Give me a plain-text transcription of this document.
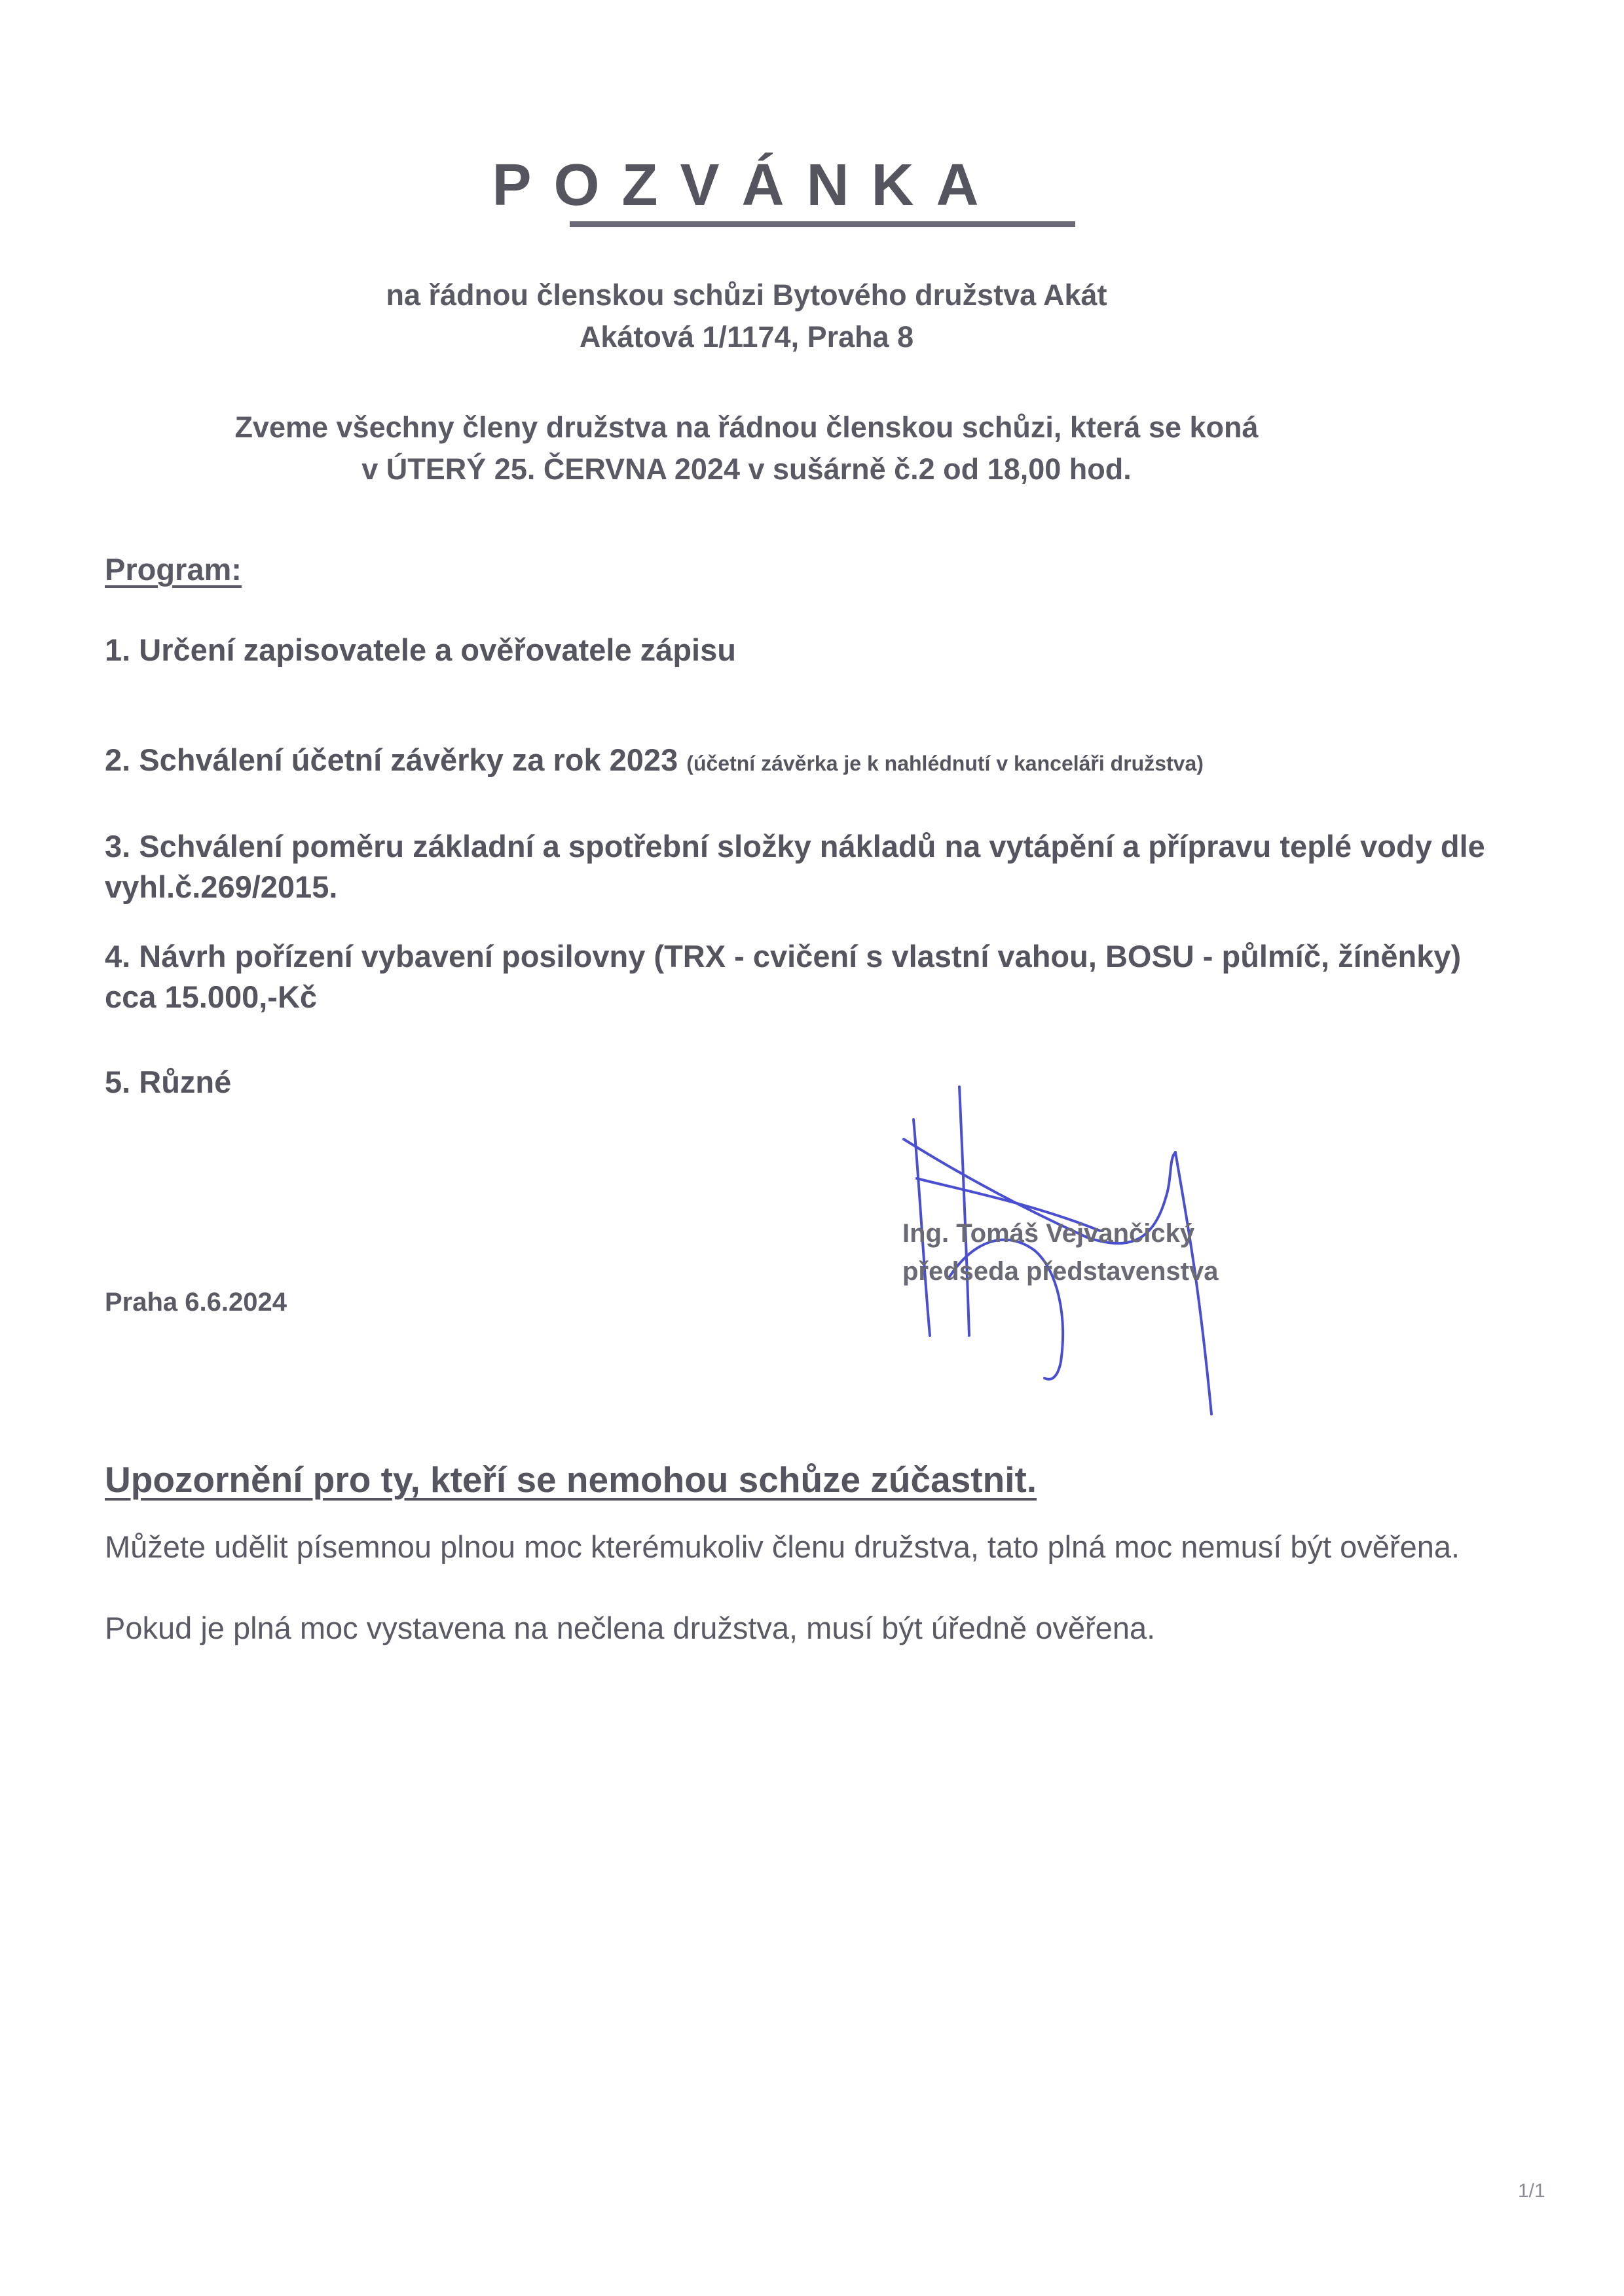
POZVÁNKA
na řádnou členskou schůzi Bytového družstva Akát
Akátová 1/1174, Praha 8
Zveme všechny členy družstva na řádnou členskou schůzi, která se koná
v ÚTERÝ 25. ČERVNA 2024 v sušárně č.2 od 18,00 hod.
Program:
1. Určení zapisovatele a ověřovatele zápisu
2. Schválení účetní závěrky za rok 2023 (účetní závěrka je k nahlédnutí v kanceláři družstva)
3. Schválení poměru základní a spotřební složky nákladů na vytápění a přípravu teplé vody dle vyhl.č.269/2015.
4. Návrh pořízení vybavení posilovny (TRX - cvičení s vlastní vahou, BOSU - půlmíč, žíněnky) cca 15.000,-Kč
5. Různé
Ing. Tomáš Vejvančický
předseda představenstva
Praha 6.6.2024
Upozornění pro ty, kteří se nemohou schůze zúčastnit.
Můžete udělit písemnou plnou moc kterémukoliv členu družstva, tato plná moc nemusí být ověřena.
Pokud je plná moc vystavena na nečlena družstva, musí být úředně ověřena.
1/1
